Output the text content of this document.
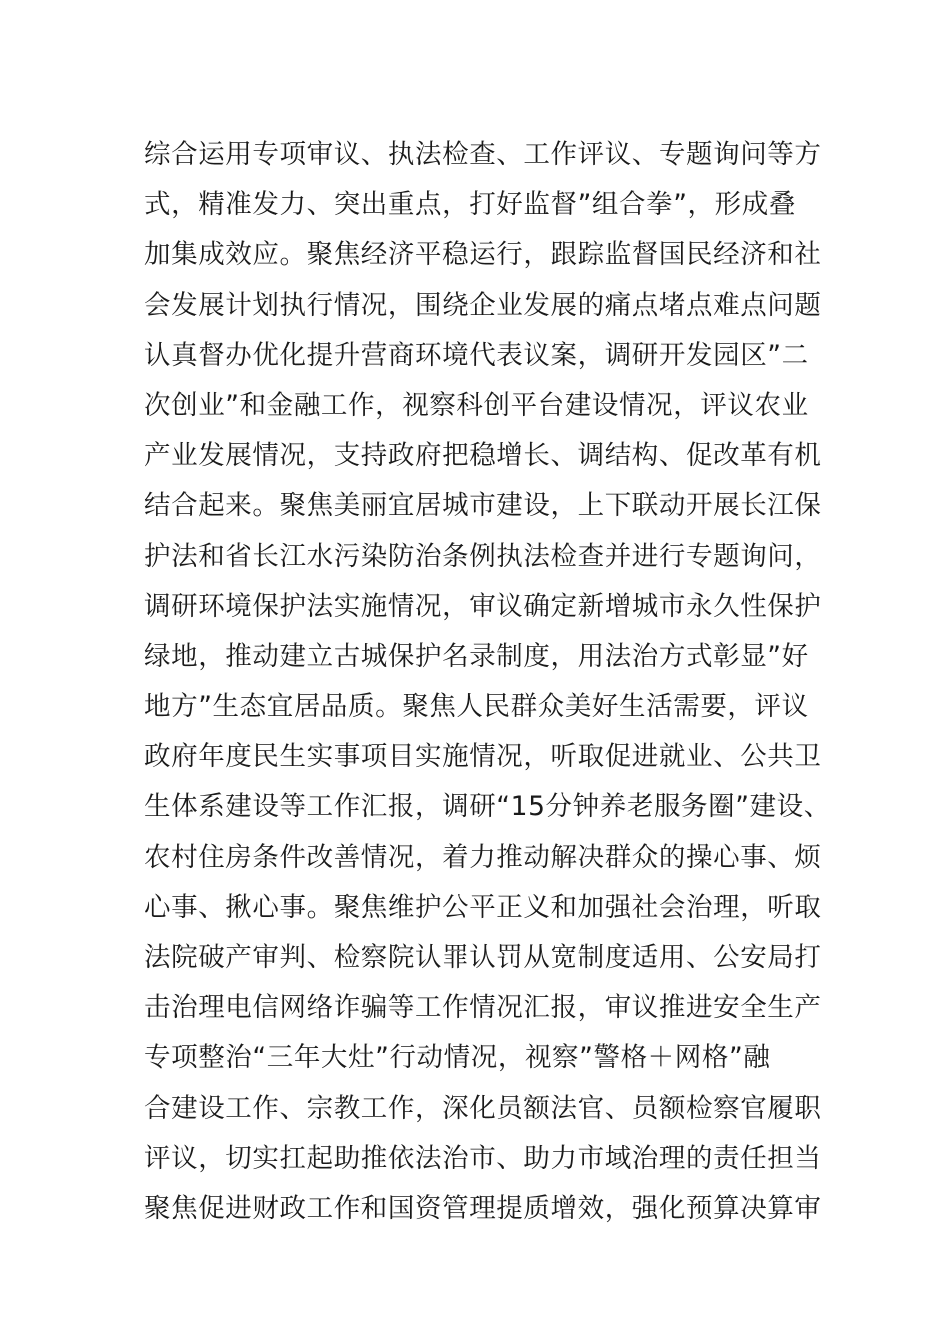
综合运用专项审议、执法检查、工作评议、专题询问等方
式，精准发力、突出重点，打好监督”组合拳”，形成叠
加集成效应。聚焦经济平稳运行，跟踪监督国民经济和社
会发展计划执行情况，围绕企业发展的痛点堵点难点问题
认真督办优化提升营商环境代表议案，调研开发园区”二
次创业”和金融工作，视察科创平台建设情况，评议农业
产业发展情况，支持政府把稳增长、调结构、促改革有机
结合起来。聚焦美丽宜居城市建设，上下联动开展长江保
护法和省长江水污染防治条例执法检查并进行专题询问，
调研环境保护法实施情况，审议确定新增城市永久性保护
绿地，推动建立古城保护名录制度，用法治方式彰显”好
地方”生态宜居品质。聚焦人民群众美好生活需要，评议
政府年度民生实事项目实施情况，听取促进就业、公共卫
生体系建设等工作汇报，调研“15分钟养老服务圈”建设、
农村住房条件改善情况，着力推动解决群众的操心事、烦
心事、揪心事。聚焦维护公平正义和加强社会治理，听取
法院破产审判、检察院认罪认罚从宽制度适用、公安局打
击治理电信网络诈骗等工作情况汇报，审议推进安全生产
专项整治“三年大灶”行动情况，视察”警格＋网格”融
合建设工作、宗教工作，深化员额法官、员额检察官履职
评议，切实扛起助推依法治市、助力市域治理的责任担当
聚焦促进财政工作和国资管理提质增效，强化预算决算审
